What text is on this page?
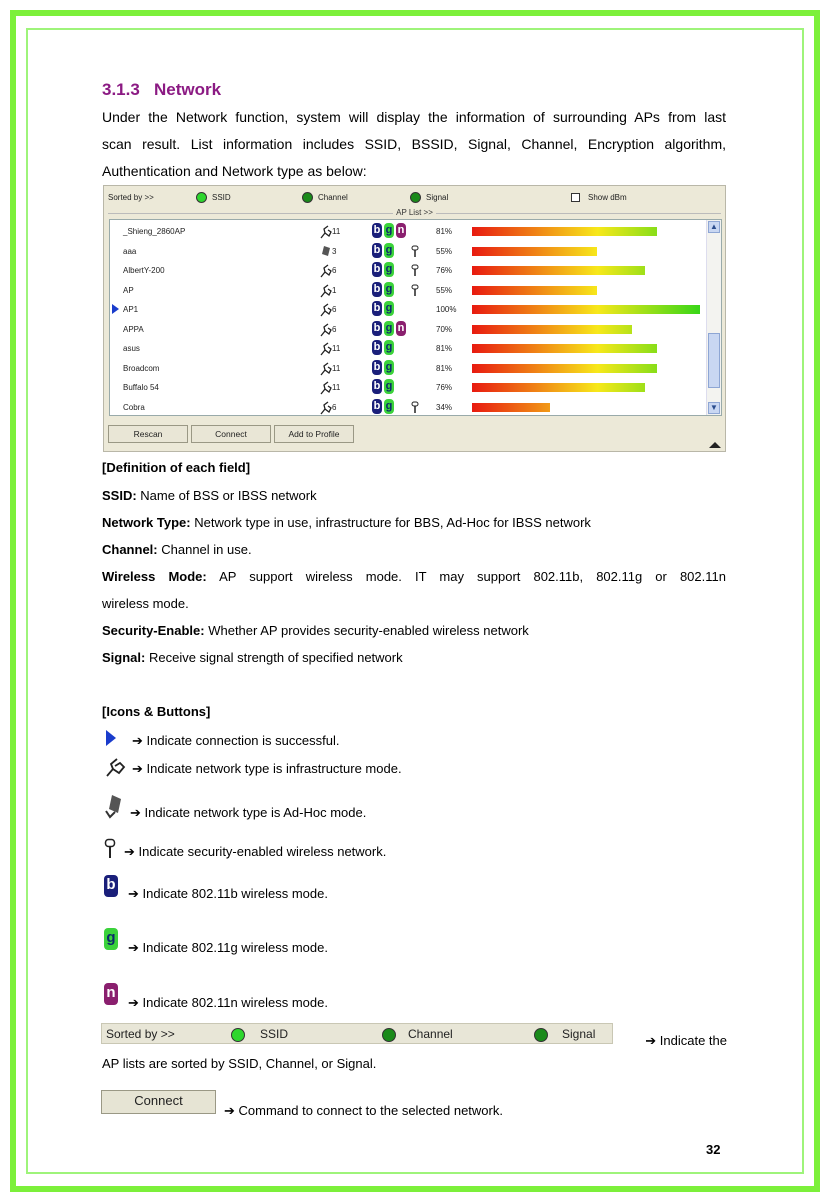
3.1.3 Network
Under the Network function, system will display the information of surrounding APs from last
scan result. List information includes SSID, BSSID, Signal, Channel, Encryption algorithm,
Authentication and Network type as below:
Sorted by >>	SSID	Channel	Signal	Show dBm
AP List >>
▲
▼
_Shieng_2860AP	11	b g n	81%
aaa	3	b g	55%
AlbertY-200	6	b g	76%
AP	1	b g	55%
AP1	6	b g	100%
APPA	6	b g n	70%
asus	11	b g	81%
Broadcom	11	b g	81%
Buffalo 54	11	b g	76%
Cobra	6	b g	34%
Rescan	Connect	Add to Profile
[Definition of each field]
SSID: Name of BSS or IBSS network
Network Type: Network type in use, infrastructure for BBS, Ad-Hoc for IBSS network
Channel: Channel in use.
Wireless Mode: AP support wireless mode. IT may support 802.11b, 802.11g or 802.11n
wireless mode.
Security-Enable: Whether AP provides security-enabled wireless network
Signal: Receive signal strength of specified network
[Icons & Buttons]
➔ Indicate connection is successful.
➔ Indicate network type is infrastructure mode.
➔ Indicate network type is Ad-Hoc mode.
➔ Indicate security-enabled wireless network.
b
➔ Indicate 802.11b wireless mode.
g
➔ Indicate 802.11g wireless mode.
n
➔ Indicate 802.11n wireless mode.
Sorted by >>	SSID	Channel	Signal	➔ Indicate the
AP lists are sorted by SSID, Channel, or Signal.
Connect
➔ Command to connect to the selected network.
32
